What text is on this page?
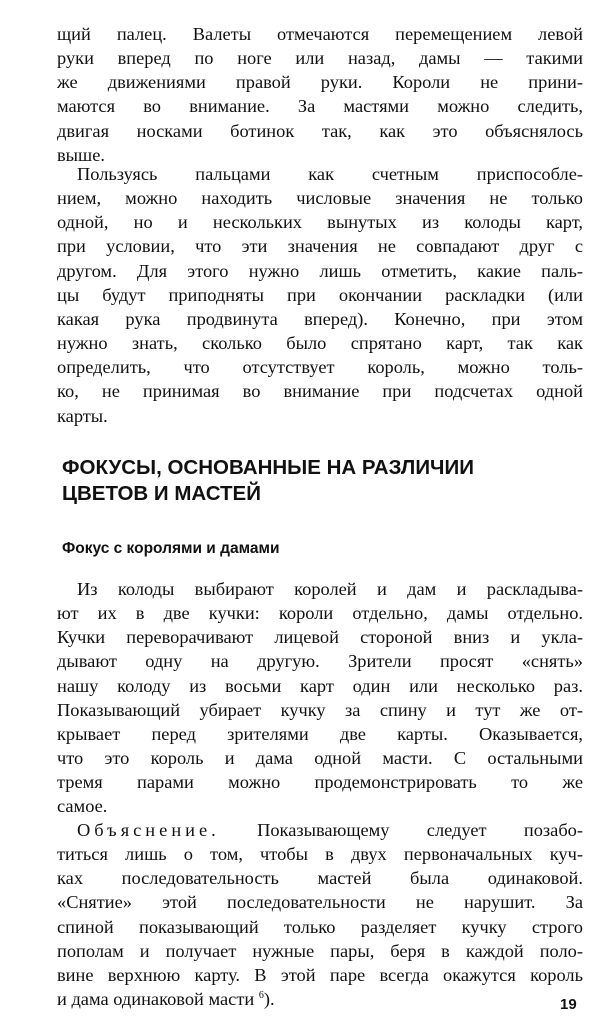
щий палец. Валеты отмечаются перемещением левой
руки вперед по ноге или назад, дамы — такими
же движениями правой руки. Короли не прини-
маются во внимание. За мастями можно следить,
двигая носками ботинок так, как это объяснялось
выше.
Пользуясь пальцами как счетным приспособле-
нием, можно находить числовые значения не только
одной, но и нескольких вынутых из колоды карт,
при условии, что эти значения не совпадают друг с
другом. Для этого нужно лишь отметить, какие паль-
цы будут приподняты при окончании раскладки (или
какая рука продвинута вперед). Конечно, при этом
нужно знать, сколько было спрятано карт, так как
определить, что отсутствует король, можно толь-
ко, не принимая во внимание при подсчетах одной
карты.
ФОКУСЫ, ОСНОВАННЫЕ НА РАЗЛИЧИИ
ЦВЕТОВ И МАСТЕЙ
Фокус с королями и дамами
Из колоды выбирают королей и дам и раскладыва-
ют их в две кучки: короли отдельно, дамы отдельно.
Кучки переворачивают лицевой стороной вниз и укла-
дывают одну на другую. Зрители просят «снять»
нашу колоду из восьми карт один или несколько раз.
Показывающий убирает кучку за спину и тут же от-
крывает перед зрителями две карты. Оказывается,
что это король и дама одной масти. С остальными
тремя парами можно продемонстрировать то же
самое.
Объяснение. Показывающему следует позабо-
титься лишь о том, чтобы в двух первоначальных куч-
ках последовательность мастей была одинаковой.
«Снятие» этой последовательности не нарушит. За
спиной показывающий только разделяет кучку строго
пополам и получает нужные пары, беря в каждой поло-
вине верхнюю карту. В этой паре всегда окажутся король
и дама одинаковой масти $^6$).	19
